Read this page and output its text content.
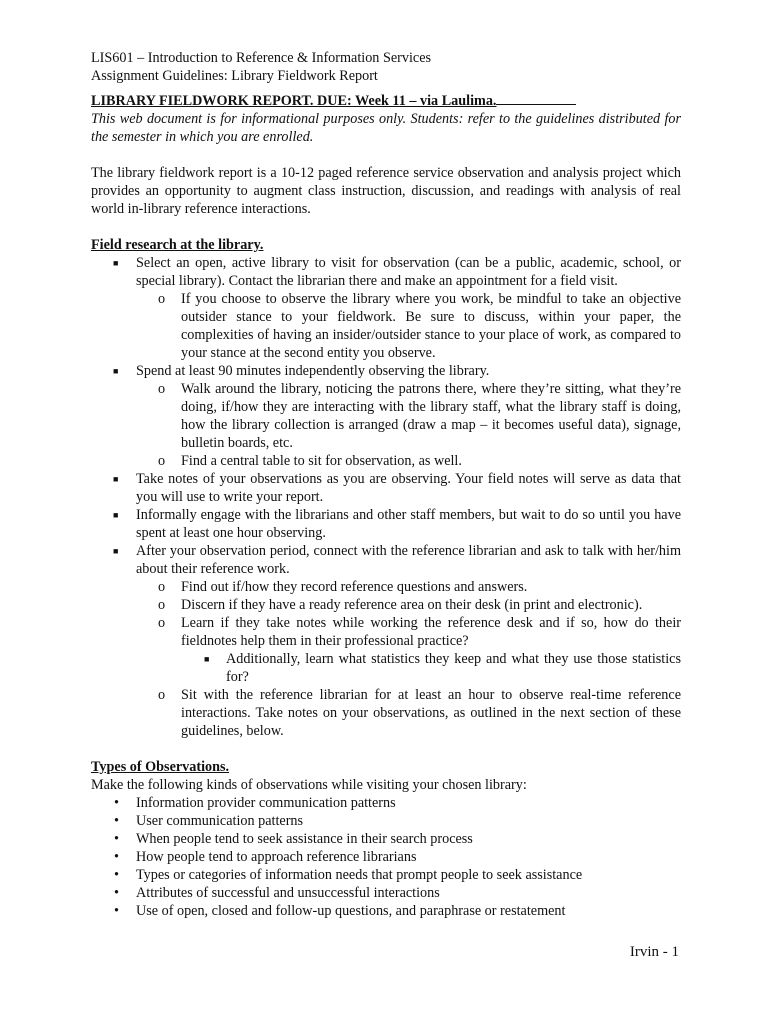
LIS601 – Introduction to Reference & Information Services

Assignment Guidelines: Library Fieldwork Report

LIBRARY FIELDWORK REPORT. DUE: Week 11 – via Laulima.

This web document is for informational purposes only. Students: refer to the guidelines distributed for the semester in which you are enrolled.

The library fieldwork report is a 10-12 paged reference service observation and analysis project which provides an opportunity to augment class instruction, discussion, and readings with analysis of real world in-library reference interactions.

Field research at the library.

■ Select an open, active library to visit for observation (can be a public, academic, school, or special library). Contact the librarian there and make an appointment for a field visit.
o If you choose to observe the library where you work, be mindful to take an objective outsider stance to your fieldwork. Be sure to discuss, within your paper, the complexities of having an insider/outsider stance to your place of work, as compared to your stance at the second entity you observe.
■ Spend at least 90 minutes independently observing the library.
o Walk around the library, noticing the patrons there, where they’re sitting, what they’re doing, if/how they are interacting with the library staff, what the library staff is doing, how the library collection is arranged (draw a map – it becomes useful data), signage, bulletin boards, etc.
o Find a central table to sit for observation, as well.
■ Take notes of your observations as you are observing. Your field notes will serve as data that you will use to write your report.
■ Informally engage with the librarians and other staff members, but wait to do so until you have spent at least one hour observing.
■ After your observation period, connect with the reference librarian and ask to talk with her/him about their reference work.
o Find out if/how they record reference questions and answers.
o Discern if they have a ready reference area on their desk (in print and electronic).
o Learn if they take notes while working the reference desk and if so, how do their fieldnotes help them in their professional practice?
■ Additionally, learn what statistics they keep and what they use those statistics for?
o Sit with the reference librarian for at least an hour to observe real-time reference interactions. Take notes on your observations, as outlined in the next section of these guidelines, below.

Types of Observations.

Make the following kinds of observations while visiting your chosen library:

• Information provider communication patterns
• User communication patterns
• When people tend to seek assistance in their search process
• How people tend to approach reference librarians
• Types or categories of information needs that prompt people to seek assistance
• Attributes of successful and unsuccessful interactions
• Use of open, closed and follow-up questions, and paraphrase or restatement
Irvin - 1
